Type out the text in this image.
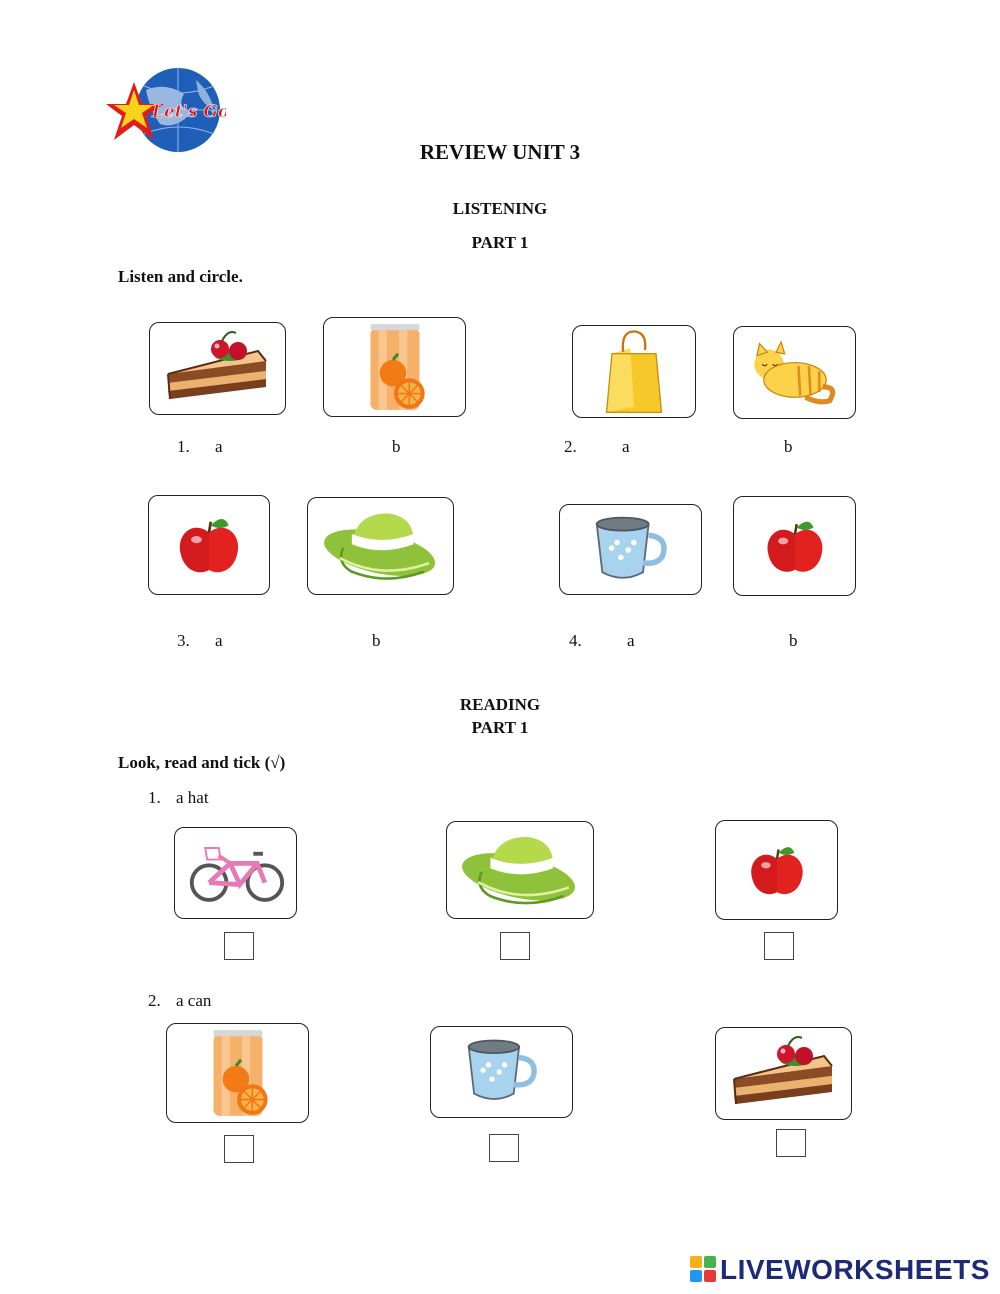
Let's Go
REVIEW UNIT 3
LISTENING
PART 1
Listen and circle.
1. a	b	2.	a	b
3. a	b	4.	a	b
READING
PART 1
Look, read and tick (√)
1. a hat
2. a can
LIVEWORKSHEETS
